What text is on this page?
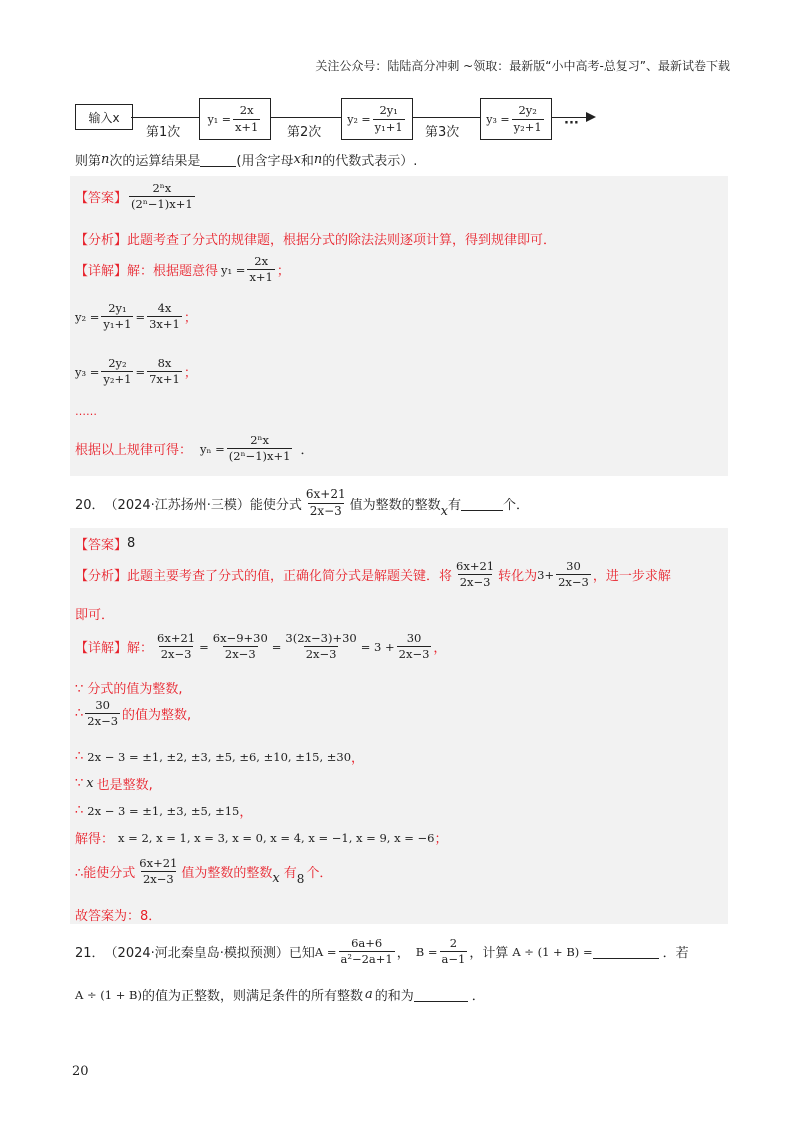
关注公众号：陆陆高分冲刺 ~领取：最新版“小中高考-总复习”、最新试卷下载
输入x	$y_1 = \frac{2x}{x+1}$	$y_2 = \frac{\text{2y₁}}{\text{y₁+1}}$	$y_3 = \frac{\text{2y₂}}{\text{y₂+1}}$
第1次	第2次	第3次
···
则第 n 次的运算结果是	(用含字母 x 和 n 的代数式表示）.
【答案】 $\frac{\text{2ⁿx}}{\text{(2ⁿ−1)x+1}}$
【分析】 此题考查了分式的规律题，根据分式的除法法则逐项计算，得到规律即可．
【详解】 解：根据题意得 $y_1 = \frac{2x}{x+1}$ ；
$y_2 = \frac{\text{2y₁}}{\text{y₁+1}} = \frac{4x}{3x+1}$ ；
$y_3 = \frac{\text{2y₂}}{\text{y₂+1}} = \frac{8x}{7x+1}$ ；
……
根据以上规律可得： $y_n = \frac{\text{2ⁿx}}{\text{(2ⁿ−1)x+1}}$ ．
20． （2024·江苏扬州·三模）能使分式 $\frac{6x+21}{2x-3}$ 值为整数的整数 x 有	个．
【答案】 8
【分析】 此题主要考查了分式的值，正确化简分式是解题关键．将 $\frac{6x+21}{2x-3}$ 转化为 $3+ \frac{30}{2x-3}$ ，进一步求解
即可．
【详解】 解： $\frac{6x+21}{2x-3} = \frac{6x-9+30}{2x-3} = \frac{3(2x-3)+30}{2x-3} = 3 + \frac{30}{2x-3}$ ，
∵ 分式的值为整数,
∴ $\frac{30}{2x-3}$ 的值为整数,
∴ 2x − 3 = ±1, ±2, ±3, ±5, ±6, ±10, ±15, ±30 ，
∵ x 也是整数,
∴ 2x − 3 = ±1, ±3, ±5, ±15 ，
解得： x = 2, x = 1, x = 3, x = 0, x = 4, x = −1, x = 9, x = −6 ；
∴能使分式 $\frac{6x+21}{2x-3}$ 值为整数的整数 x 有 8 个．
故答案为：8．
21． （2024·河北秦皇岛·模拟预测）已知 $A = \frac{6a+6}{\text{a²−2a+1}}$ ， $B = \frac{2}{a-1}$ ，计算 A ÷ (1 + B) =	．若
A ÷ (1 + B) 的值为正整数，则满足条件的所有整数 a 的和为	．
20
